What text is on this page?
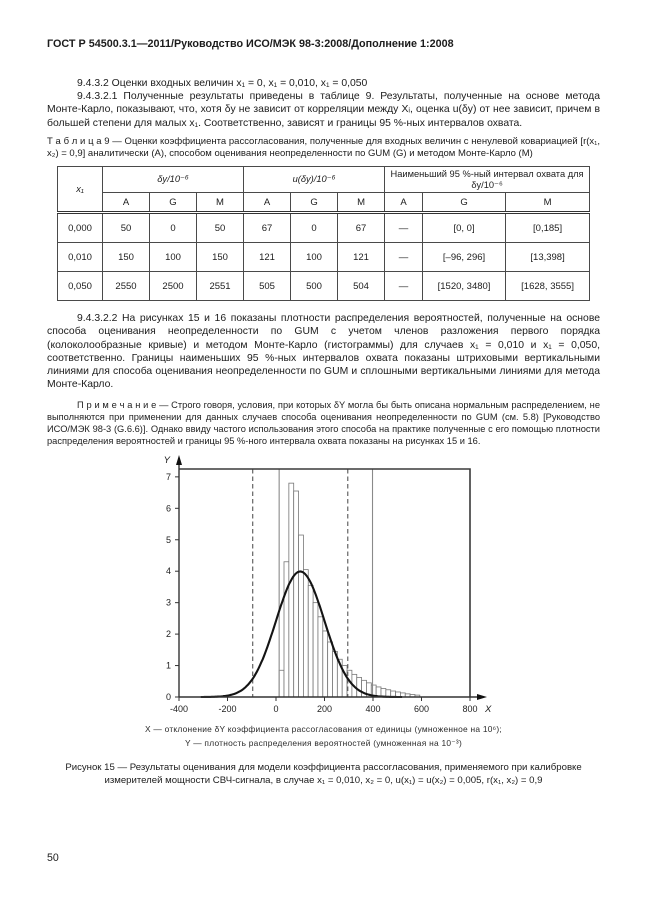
ГОСТ Р 54500.3.1—2011/Руководство ИСО/МЭК 98-3:2008/Дополнение 1:2008

9.4.3.2 Оценки входных величин x₁ = 0, x₁ = 0,010, x₁ = 0,050

9.4.3.2.1 Полученные результаты приведены в таблице 9. Результаты, полученные на основе метода Монте-Карло, показывают, что, хотя δy не зависит от корреляции между Xᵢ, оценка u(δy) от нее зависит, причем в большей степени для малых x₁. Соответственно, зависят и границы 95 %-ных интервалов охвата.

Т а б л и ц а 9 — Оценки коэффициента рассогласования, полученные для входных величин с ненулевой ковариацией [r(x₁, x₂) = 0,9] аналитически (А), способом оценивания неопределенности по GUM (G) и методом Монте-Карло (М)
x₁	δy/10⁻⁶			u(δy)/10⁻⁶			Наименьший 95 %-ный интервал охвата для δy/10⁻⁶		
	А	G	М	А	G	М	А	G	М
0,000	50	0	50	67	0	67	—	[0, 0]	[0,185]
0,010	150	100	150	121	100	121	—	[–96, 296]	[13,398]
0,050	2550	2500	2551	505	500	504	—	[1520, 3480]	[1628, 3555]

9.4.3.2.2 На рисунках 15 и 16 показаны плотности распределения вероятностей, полученные на основе способа оценивания неопределенности по GUM с учетом членов разложения первого порядка (колоколообразные кривые) и методом Монте-Карло (гистограммы) для случаев x₁ = 0,010 и x₁ = 0,050, соответственно. Границы наименьших 95 %-ных интервалов охвата показаны штриховыми вертикальными линиями для способа оценивания неопределенности по GUM и сплошными вертикальными линиями для метода Монте-Карло.

П р и м е ч а н и е — Строго говоря, условия, при которых δY могла бы быть описана нормальным распределением, не выполняются при применении для данных случаев способа оценивания неопределенности по GUM (см. 5.8) [Руководство ИСО/МЭК 98-3 (G.6.6)]. Однако ввиду частого использования этого способа на практике полученные с его помощью плотности распределения вероятностей и границы 95 %-ного интервала охвата показаны на рисунках 15 и 16.
0
1
2
3
4
5
6
7
-400	-200	0	200	400	600	800 X
Y
X — отклонение δY коэффициента рассогласования от единицы (умноженное на 10⁶);
Y — плотность распределения вероятностей (умноженная на 10⁻³)
Рисунок 15 — Результаты оценивания для модели коэффициента рассогласования, применяемого при калибровке измерителей мощности СВЧ-сигнала, в случае x₁ = 0,010, x₂ = 0, u(x₁) = u(x₂) = 0,005, r(x₁, x₂) = 0,9
50
